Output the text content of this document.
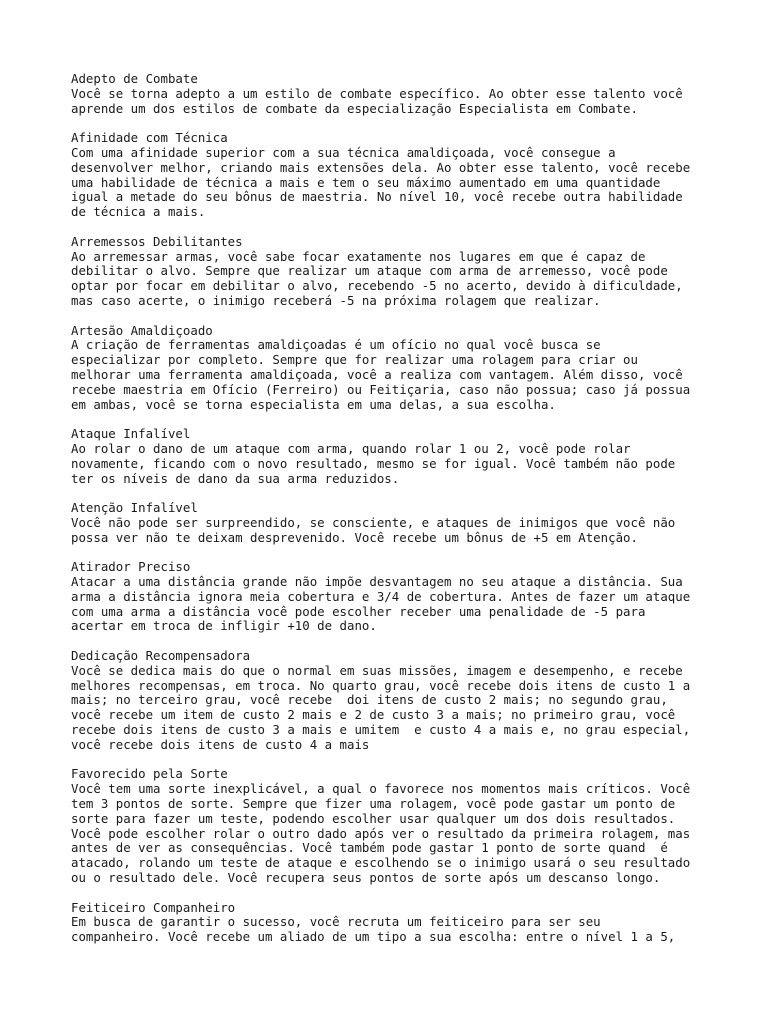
Adepto de Combate
Você se torna adepto a um estilo de combate específico. Ao obter esse talento você
aprende um dos estilos de combate da especialização Especialista em Combate.
Afinidade com Técnica
Com uma afinidade superior com a sua técnica amaldiçoada, você consegue a
desenvolver melhor, criando mais extensões dela. Ao obter esse talento, você recebe
uma habilidade de técnica a mais e tem o seu máximo aumentado em uma quantidade
igual a metade do seu bônus de maestria. No nível 10, você recebe outra habilidade
de técnica a mais.
Arremessos Debilitantes
Ao arremessar armas, você sabe focar exatamente nos lugares em que é capaz de
debilitar o alvo. Sempre que realizar um ataque com arma de arremesso, você pode
optar por focar em debilitar o alvo, recebendo -5 no acerto, devido à dificuldade,
mas caso acerte, o inimigo receberá -5 na próxima rolagem que realizar.
Artesão Amaldiçoado
A criação de ferramentas amaldiçoadas é um ofício no qual você busca se
especializar por completo. Sempre que for realizar uma rolagem para criar ou
melhorar uma ferramenta amaldiçoada, você a realiza com vantagem. Além disso, você
recebe maestria em Ofício (Ferreiro) ou Feitiçaria, caso não possua; caso já possua
em ambas, você se torna especialista em uma delas, a sua escolha.
Ataque Infalível
Ao rolar o dano de um ataque com arma, quando rolar 1 ou 2, você pode rolar
novamente, ficando com o novo resultado, mesmo se for igual. Você também não pode
ter os níveis de dano da sua arma reduzidos.
Atenção Infalível
Você não pode ser surpreendido, se consciente, e ataques de inimigos que você não
possa ver não te deixam desprevenido. Você recebe um bônus de +5 em Atenção.
Atirador Preciso
Atacar a uma distância grande não impõe desvantagem no seu ataque a distância. Sua
arma a distância ignora meia cobertura e 3/4 de cobertura. Antes de fazer um ataque
com uma arma a distância você pode escolher receber uma penalidade de -5 para
acertar em troca de infligir +10 de dano.
Dedicação Recompensadora
Você se dedica mais do que o normal em suas missões, imagem e desempenho, e recebe
melhores recompensas, em troca. No quarto grau, você recebe dois itens de custo 1 a
mais; no terceiro grau, você recebe  doi itens de custo 2 mais; no segundo grau,
você recebe um item de custo 2 mais e 2 de custo 3 a mais; no primeiro grau, você
recebe dois itens de custo 3 a mais e umitem  e custo 4 a mais e, no grau especial,
você recebe dois itens de custo 4 a mais
Favorecido pela Sorte
Você tem uma sorte inexplicável, a qual o favorece nos momentos mais críticos. Você
tem 3 pontos de sorte. Sempre que fizer uma rolagem, você pode gastar um ponto de
sorte para fazer um teste, podendo escolher usar qualquer um dos dois resultados.
Você pode escolher rolar o outro dado após ver o resultado da primeira rolagem, mas
antes de ver as consequências. Você também pode gastar 1 ponto de sorte quand  é
atacado, rolando um teste de ataque e escolhendo se o inimigo usará o seu resultado
ou o resultado dele. Você recupera seus pontos de sorte após um descanso longo.
Feiticeiro Companheiro
Em busca de garantir o sucesso, você recruta um feiticeiro para ser seu
companheiro. Você recebe um aliado de um tipo a sua escolha: entre o nível 1 a 5,
